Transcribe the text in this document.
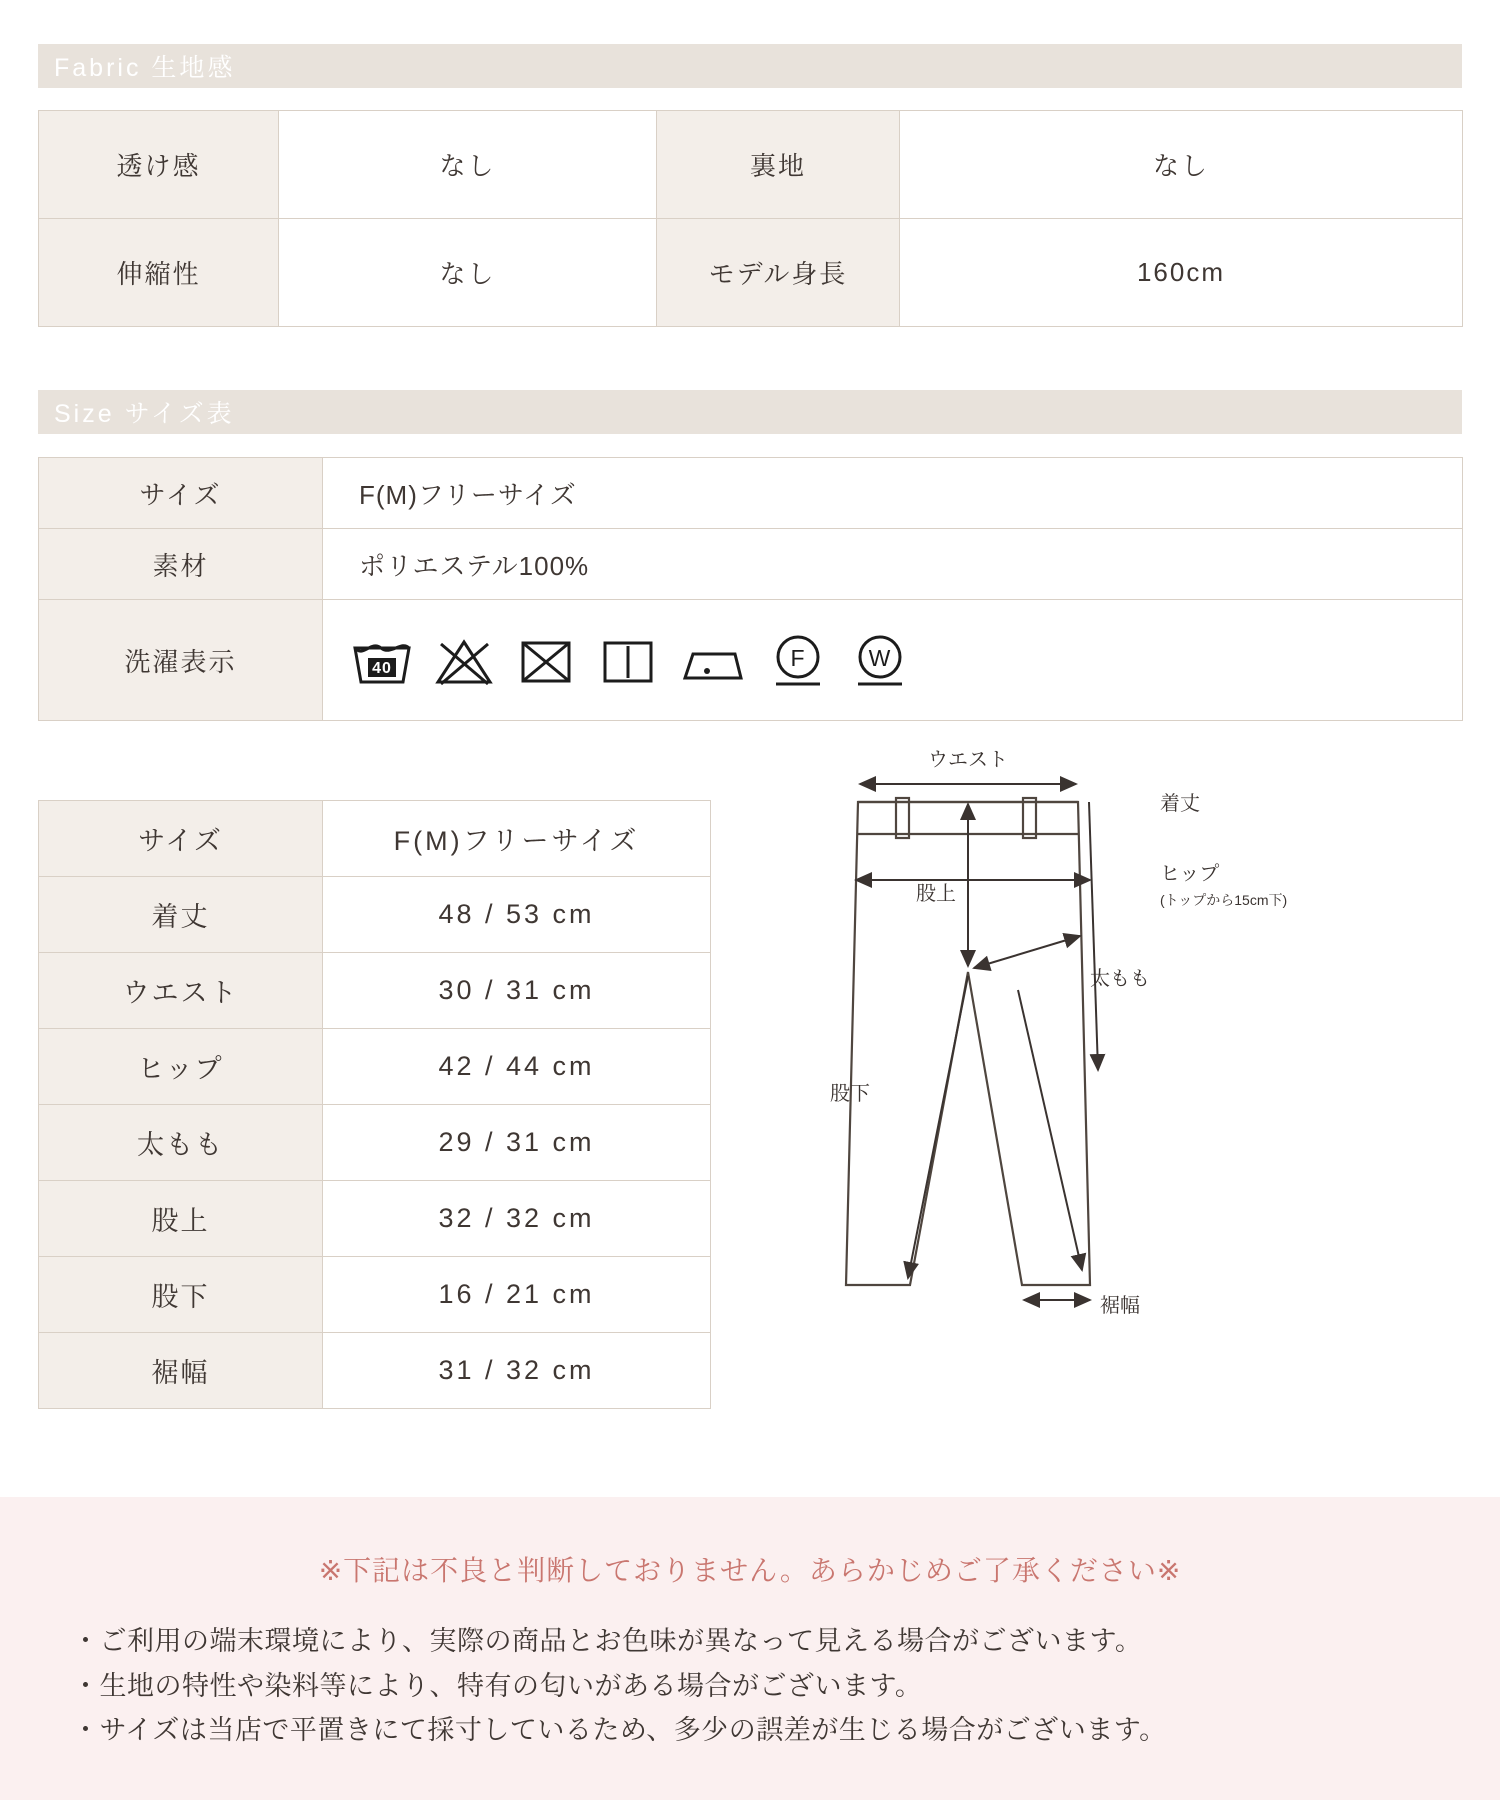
Fabric 生地感
透け感	なし	裏地	なし
伸縮性	なし	モデル身長	160cm
Size サイズ表
サイズ	F(M)フリーサイズ
素材	ポリエステル100%
洗濯表示	40 F W
サイズ	F(M)フリーサイズ
着丈	48 / 53 cm
ウエスト	30 / 31 cm
ヒップ	42 / 44 cm
太もも	29 / 31 cm
股上	32 / 32 cm
股下	16 / 21 cm
裾幅	31 / 32 cm
ウエスト
着丈
ヒップ
(トップから15cm下)
股上
太もも
股下
裾幅
※下記は不良と判断しておりません。あらかじめご了承ください※
・ご利用の端末環境により、実際の商品とお色味が異なって見える場合がございます。
・生地の特性や染料等により、特有の匂いがある場合がございます。
・サイズは当店で平置きにて採寸しているため、多少の誤差が生じる場合がございます。
